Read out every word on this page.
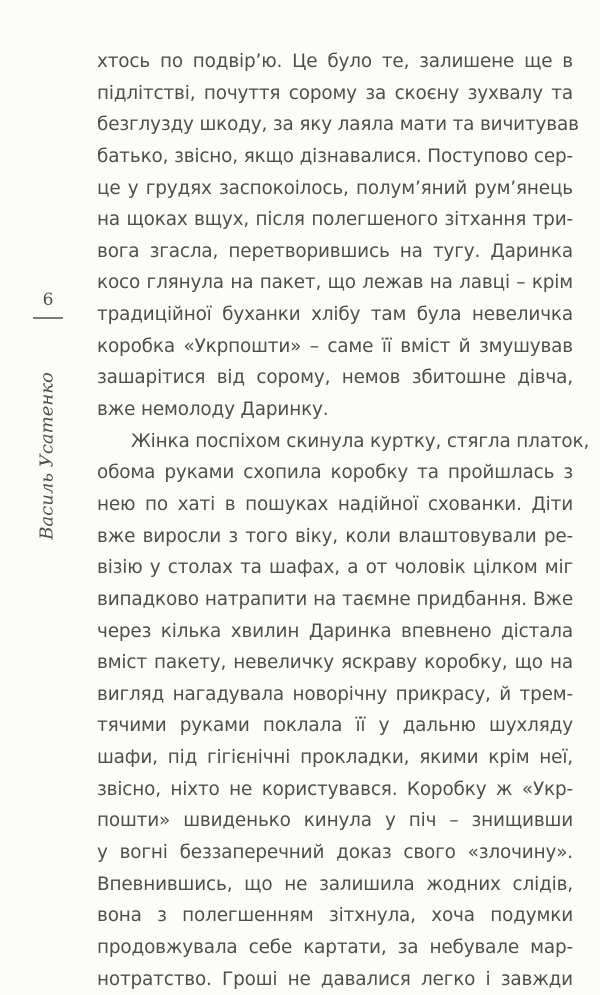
6
Василь Усатенко
хтось по подвір’ю. Це було те, залишене ще в
підлітстві, почуття сорому за скоєну зухвалу та
безглузду шкоду, за яку лаяла мати та вичитував
батько, звісно, якщо дізнавалися. Поступово сер-
це у грудях заспокоілось, полум’яний рум’янець
на щоках вщух, після полегшеного зітхання три-
вога згасла, перетворившись на тугу. Даринка
косо глянула на пакет, що лежав на лавці – крім
традиційної буханки хлібу там була невеличка
коробка «Укрпошти» – саме її вміст й змушував
зашарітися від сорому, немов збитошне дівча,
вже немолоду Даринку.
Жінка поспіхом скинула куртку, стягла платок,
обома руками схопила коробку та пройшлась з
нею по хаті в пошуках надійної схованки. Діти
вже виросли з того віку, коли влаштовували ре-
візію у столах та шафах, а от чоловік цілком міг
випадково натрапити на таємне придбання. Вже
через кілька хвилин Даринка впевнено дістала
вміст пакету, невеличку яскраву коробку, що на
вигляд нагадувала новорічну прикрасу, й трем-
тячими руками поклала її у дальню шухляду
шафи, під гігієнічні прокладки, якими крім неї,
звісно, ніхто не користувався. Коробку ж «Укр-
пошти» швиденько кинула у піч – знищивши
у вогні беззаперечний доказ свого «злочину».
Впевнившись, що не залишила жодних слідів,
вона з полегшенням зітхнула, хоча подумки
продовжувала себе картати, за небувале мар-
нотратство. Гроші не давалися легко і завжди
